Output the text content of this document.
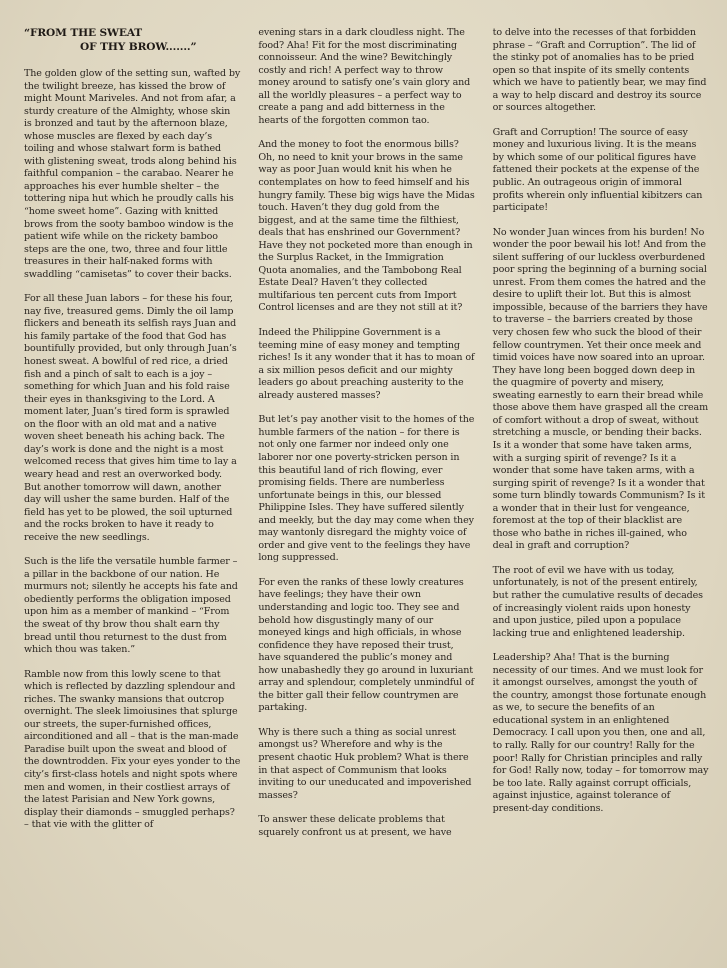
“FROM THE SWEAT
OF THY BROW.......”

The golden glow of the setting sun, wafted by the twilight breeze, has kissed the brow of might Mount Mariveles. And not from afar, a sturdy creature of the Almighty, whose skin is bronzed and taut by the afternoon blaze, whose muscles are flexed by each day’s toiling and whose stalwart form is bathed with glistening sweat, trods along behind his faithful companion – the carabao. Nearer he approaches his ever humble shelter – the tottering nipa hut which he proudly calls his “home sweet home”. Gazing with knitted brows from the sooty bamboo window is the patient wife while on the rickety bamboo steps are the one, two, three and four little treasures in their half-naked forms with swaddling “camisetas” to cover their backs.

For all these Juan labors – for these his four, nay five, treasured gems. Dimly the oil lamp flickers and beneath its selfish rays Juan and his family partake of the food that God has bountifully provided, but only through Juan’s honest sweat. A bowlful of red rice, a dried fish and a pinch of salt to each is a joy – something for which Juan and his fold raise their eyes in thanksgiving to the Lord. A moment later, Juan’s tired form is sprawled on the floor with an old mat and a native woven sheet beneath his aching back. The day’s work is done and the night is a most welcomed recess that gives him time to lay a weary head and rest an overworked body. But another tomorrow will dawn, another day will usher the same burden. Half of the field has yet to be plowed, the soil upturned and the rocks broken to have it ready to receive the new seedlings.

Such is the life the versatile humble farmer – a pillar in the backbone of our nation. He murmurs not; silently he accepts his fate and obediently performs the obligation imposed upon him as a member of mankind – “From the sweat of thy brow thou shalt earn thy bread until thou returnest to the dust from which thou was taken.”

Ramble now from this lowly scene to that which is reflected by dazzling splendour and riches. The swanky mansions that outcrop overnight. The sleek limoiusines that splurge our streets, the super-furnished offices, airconditioned and all – that is the man-made Paradise built upon the sweat and blood of the downtrodden. Fix your eyes yonder to the city’s first-class hotels and night spots where men and women, in their costliest arrays of the latest Parisian and New York gowns, display their diamonds – smuggled perhaps? – that vie with the glitter of

evening stars in a dark cloudless night. The food? Aha! Fit for the most discriminating connoisseur. And the wine? Bewitchingly costly and rich! A perfect way to throw money around to satisfy one’s vain glory and all the worldly pleasures – a perfect way to create a pang and add bitterness in the hearts of the forgotten common tao.

And the money to foot the enormous bills? Oh, no need to knit your brows in the same way as poor Juan would knit his when he contemplates on how to feed himself and his hungry family. These big wigs have the Midas touch. Haven’t they dug gold from the biggest, and at the same time the filthiest, deals that has enshrined our Government? Have they not pocketed more than enough in the Surplus Racket, in the Immigration Quota anomalies, and the Tambobong Real Estate Deal? Haven’t they collected multifarious ten percent cuts from Import Control licenses and are they not still at it?

Indeed the Philippine Government is a teeming mine of easy money and tempting riches! Is it any wonder that it has to moan of a six million pesos deficit and our mighty leaders go about preaching austerity to the already austered masses?

But let’s pay another visit to the homes of the humble farmers of the nation – for there is not only one farmer nor indeed only one laborer nor one poverty-stricken person in this beautiful land of rich flowing, ever promising fields. There are numberless unfortunate beings in this, our blessed Philippine Isles. They have suffered silently and meekly, but the day may come when they may wantonly disregard the mighty voice of order and give vent to the feelings they have long suppressed.

For even the ranks of these lowly creatures have feelings; they have their own understanding and logic too. They see and behold how disgustingly many of our moneyed kings and high officials, in whose confidence they have reposed their trust, have squandered the public’s money and how unabashedly they go around in luxuriant array and splendour, completely unmindful of the bitter gall their fellow countrymen are partaking.

Why is there such a thing as social unrest amongst us? Wherefore and why is the present chaotic Huk problem? What is there in that aspect of Communism that looks inviting to our uneducated and impoverished masses?

To answer these delicate problems that squarely confront us at present, we have

to delve into the recesses of that forbidden phrase – “Graft and Corruption”. The lid of the stinky pot of anomalies has to be pried open so that inspite of its smelly contents which we have to patiently bear, we may find a way to help discard and destroy its source or sources altogether.

Graft and Corruption! The source of easy money and luxurious living. It is the means by which some of our political figures have fattened their pockets at the expense of the public. An outrageous origin of immoral profits wherein only influential kibitzers can participate!

No wonder Juan winces from his burden! No wonder the poor bewail his lot! And from the silent suffering of our luckless overburdened poor spring the beginning of a burning social unrest. From them comes the hatred and the desire to uplift their lot. But this is almost impossible, because of the barriers they have to traverse – the barriers created by those very chosen few who suck the blood of their fellow countrymen. Yet their once meek and timid voices have now soared into an uproar. They have long been bogged down deep in the quagmire of poverty and misery, sweating earnestly to earn their bread while those above them have grasped all the cream of comfort without a drop of sweat, without stretching a muscle, or bending their backs. Is it a wonder that some have taken arms, with a surging spirit of revenge? Is it a wonder that some have taken arms, with a surging spirit of revenge? Is it a wonder that some turn blindly towards Communism? Is it a wonder that in their lust for vengeance, foremost at the top of their blacklist are those who bathe in riches ill-gained, who deal in graft and corruption?

The root of evil we have with us today, unfortunately, is not of the present entirely, but rather the cumulative results of decades of increasingly violent raids upon honesty and upon justice, piled upon a populace lacking true and enlightened leadership.

Leadership? Aha! That is the burning necessity of our times. And we must look for it amongst ourselves, amongst the youth of the country, amongst those fortunate enough as we, to secure the benefits of an educational system in an enlightened Democracy. I call upon you then, one and all, to rally. Rally for our country! Rally for the poor! Rally for Christian principles and rally for God! Rally now, today – for tomorrow may be too late. Rally against corrupt officials, against injustice, against tolerance of present-day conditions.
